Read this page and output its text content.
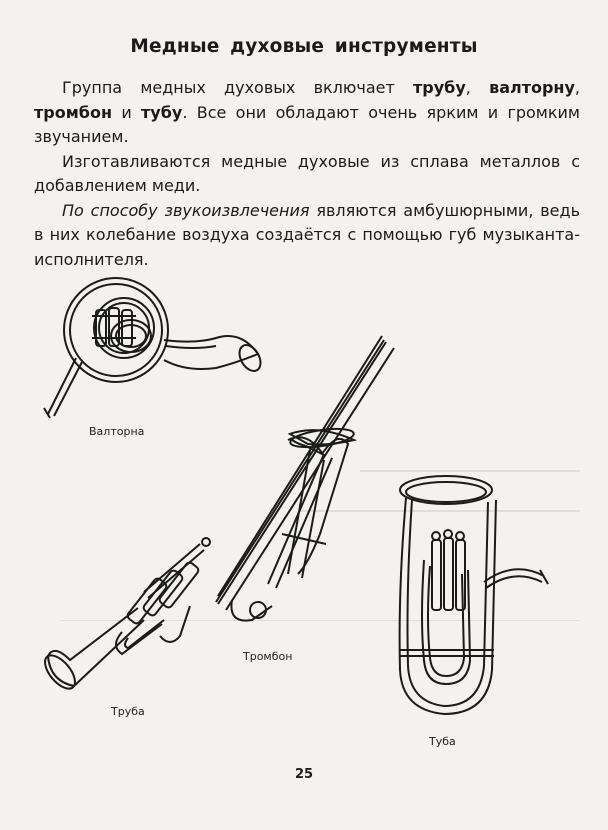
Медные духовые инструменты

Группа медных духовых включает трубу, валторну, тромбон и тубу. Все они обладают очень ярким и громким звучанием.

Изготавливаются медные духовые из сплава металлов с добавлением меди.

По способу звукоизвлечения являются амбушюрными, ведь в них колебание воздуха создаётся с помощью губ музыканта-исполнителя.

Валторна
Труба
Тромбон
Туба
25
